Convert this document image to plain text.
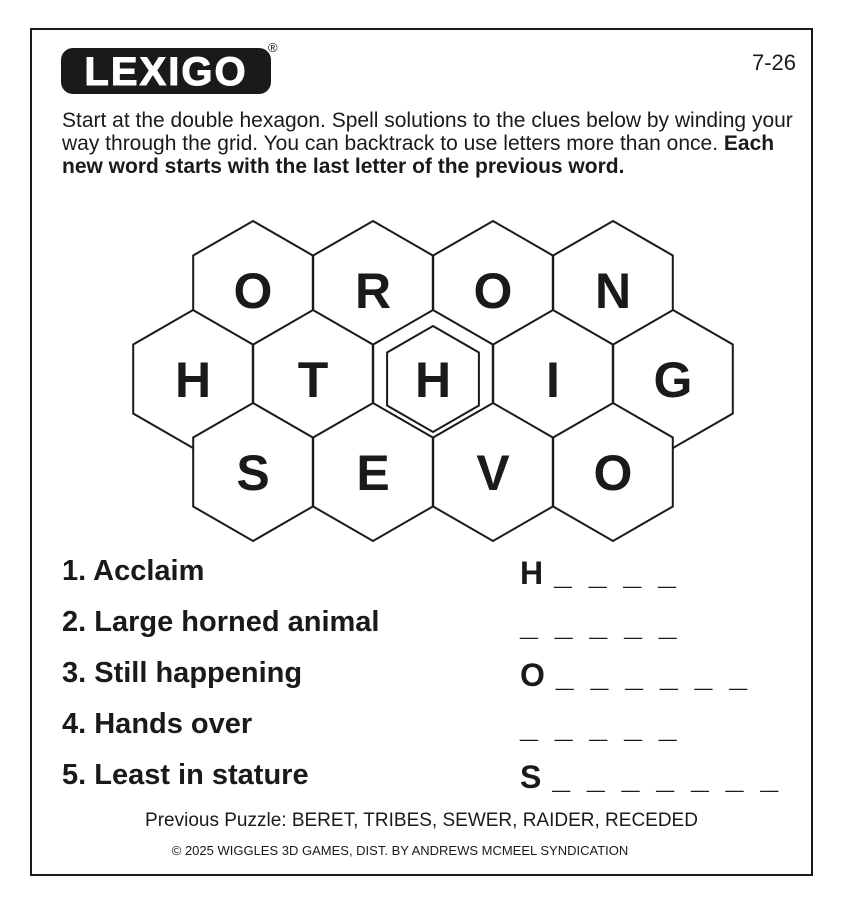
LEXIGO
®
7-26
Start at the double hexagon. Spell solutions to the clues below by winding your way through the grid. You can backtrack to use letters more than once. Each new word starts with the last letter of the previous word.
O R O N
H T H I G
S E V O
1. Acclaim	H _ _ _ _
2. Large horned animal	_ _ _ _ _
3. Still happening	O _ _ _ _ _ _
4. Hands over	_ _ _ _ _
5. Least in stature	S _ _ _ _ _ _ _
Previous Puzzle: BERET, TRIBES, SEWER, RAIDER, RECEDED
© 2025 WIGGLES 3D GAMES, DIST. BY ANDREWS MCMEEL SYNDICATION
